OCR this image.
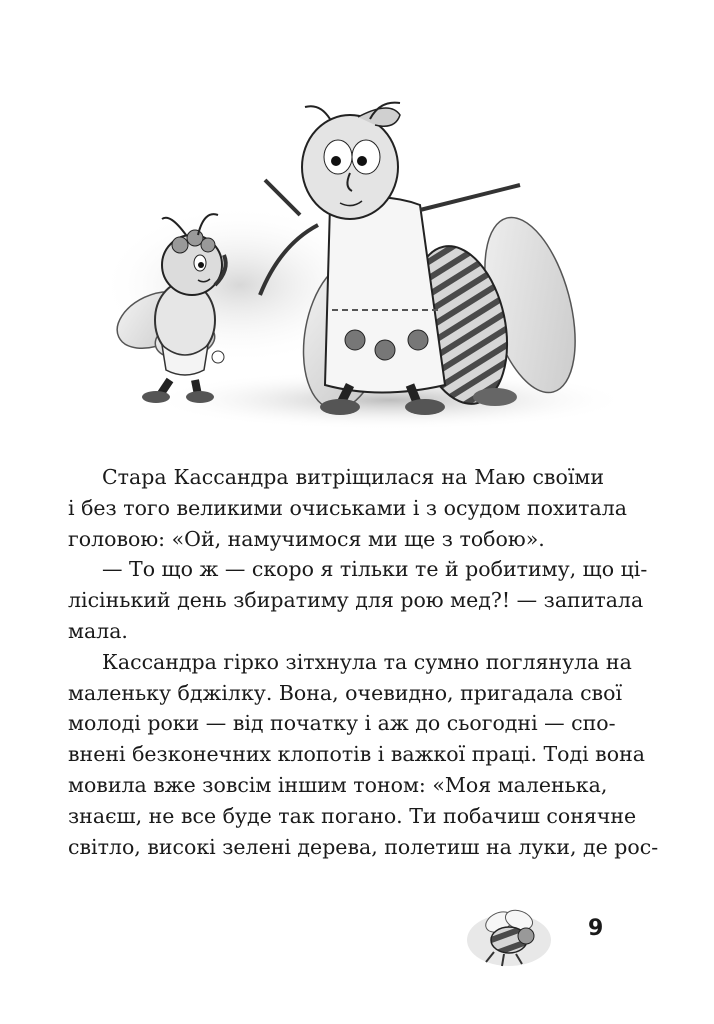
Стара Кассандра витріщилася на Маю своїми
і без того великими очиськами і з осудом похитала
головою: «Ой, намучимося ми ще з тобою».

— То що ж — скоро я тільки те й робитиму, що ці-
лісінький день збиратиму для рою мед?! — запитала
мала.

Кассандра гірко зітхнула та сумно поглянула на
маленьку бджілку. Вона, очевидно, пригадала свої
молоді роки — від початку і аж до сьогодні — спо-
внені безконечних клопотів і важкої праці. Тоді вона
мовила вже зовсім іншим тоном: «Моя маленька,
знаєш, не все буде так погано. Ти побачиш сонячне
світло, високі зелені дерева, полетиш на луки, де рос-

9
